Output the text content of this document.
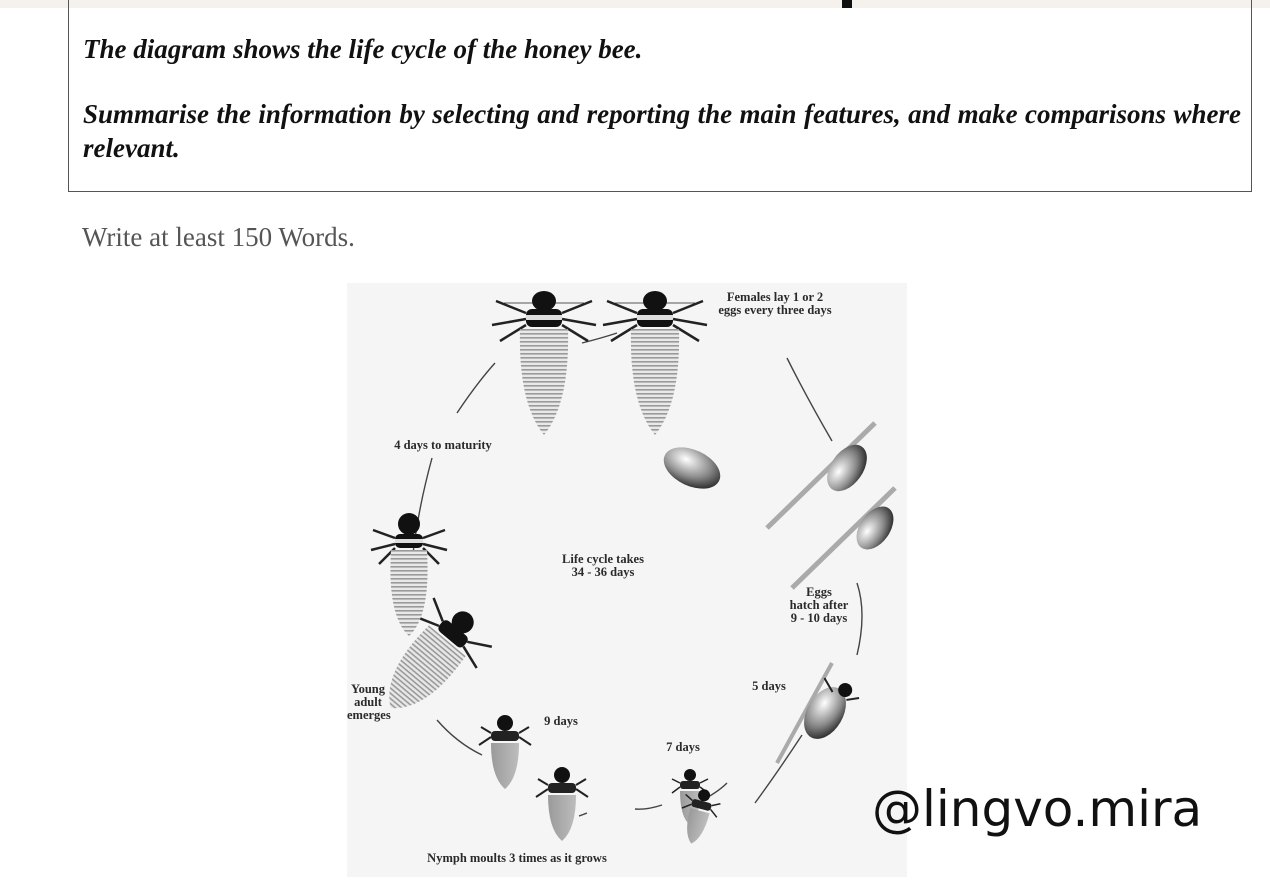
The diagram shows the life cycle of the honey bee.
Summarise the information by selecting and reporting the main features, and make comparisons where relevant.
Write at least 150 Words.
Females lay 1 or 2
eggs every three days
4 days to maturity
Life cycle takes
34 - 36 days
Eggs
hatch after
9 - 10 days
5 days
Young
adult
emerges	9 days
7 days
Nymph moults 3 times as it grows
@lingvo.mira
